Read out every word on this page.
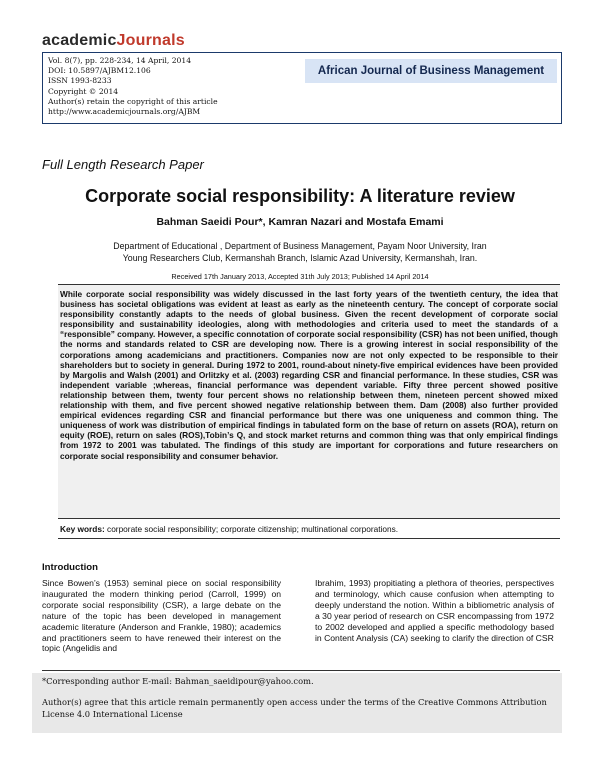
academicJournals
Vol. 8(7), pp. 228-234, 14 April, 2014
DOI: 10.5897/AJBM12.106
ISSN 1993-8233
Copyright © 2014
Author(s) retain the copyright of this article
http://www.academicjournals.org/AJBM
African Journal of Business Management
Full Length Research Paper
Corporate social responsibility: A literature review
Bahman Saeidi Pour*, Kamran Nazari and Mostafa Emami
Department of Educational , Department of Business Management, Payam Noor University, Iran
Young Researchers Club, Kermanshah Branch, Islamic Azad University, Kermanshah, Iran.
Received 17th January 2013, Accepted 31th July 2013; Published 14 April 2014
While corporate social responsibility was widely discussed in the last forty years of the twentieth century, the idea that business has societal obligations was evident at least as early as the nineteenth century. The concept of corporate social responsibility constantly adapts to the needs of global business. Given the recent development of corporate social responsibility and sustainability ideologies, along with methodologies and criteria used to meet the standards of a “responsible” company. However, a specific connotation of corporate social responsibility (CSR) has not been unified, though the norms and standards related to CSR are developing now. There is a growing interest in social responsibility of the corporations among academicians and practitioners. Companies now are not only expected to be responsible to their shareholders but to society in general. During 1972 to 2001, round-about ninety-five empirical evidences have been provided by Margolis and Walsh (2001) and Orlitzky et al. (2003) regarding CSR and financial performance. In these studies, CSR was independent variable ;whereas, financial performance was dependent variable. Fifty three percent showed positive relationship between them, twenty four percent shows no relationship between them, nineteen percent showed mixed relationship with them, and five percent showed negative relationship between them. Dam (2008) also further provided empirical evidences regarding CSR and financial performance but there was one uniqueness and common thing. The uniqueness of work was distribution of empirical findings in tabulated form on the base of return on assets (ROA), return on equity (ROE), return on sales (ROS),Tobin’s Q, and stock market returns and common thing was that only empirical findings from 1972 to 2001 was tabulated. The findings of this study are important for corporations and future researchers on corporate social responsibility and consumer behavior.
Key words: corporate social responsibility; corporate citizenship; multinational corporations.
Introduction
Since Bowen’s (1953) seminal piece on social responsibility inaugurated the modern thinking period (Carroll, 1999) on corporate social responsibility (CSR), a large debate on the nature of the topic has been developed in management academic literature (Anderson and Frankle, 1980); academics and practitioners seem to have renewed their interest on the topic (Angelidis and
Ibrahim, 1993) propitiating a plethora of theories, perspectives and terminology, which cause confusion when attempting to deeply understand the notion. Within a bibliometric analysis of a 30 year period of research on CSR encompassing from 1972 to 2002 developed and applied a specific methodology based in Content Analysis (CA) seeking to clarify the direction of CSR
*Corresponding author E-mail: Bahman_saeidipour@yahoo.com.
Author(s) agree that this article remain permanently open access under the terms of the Creative Commons Attribution License 4.0 International License
